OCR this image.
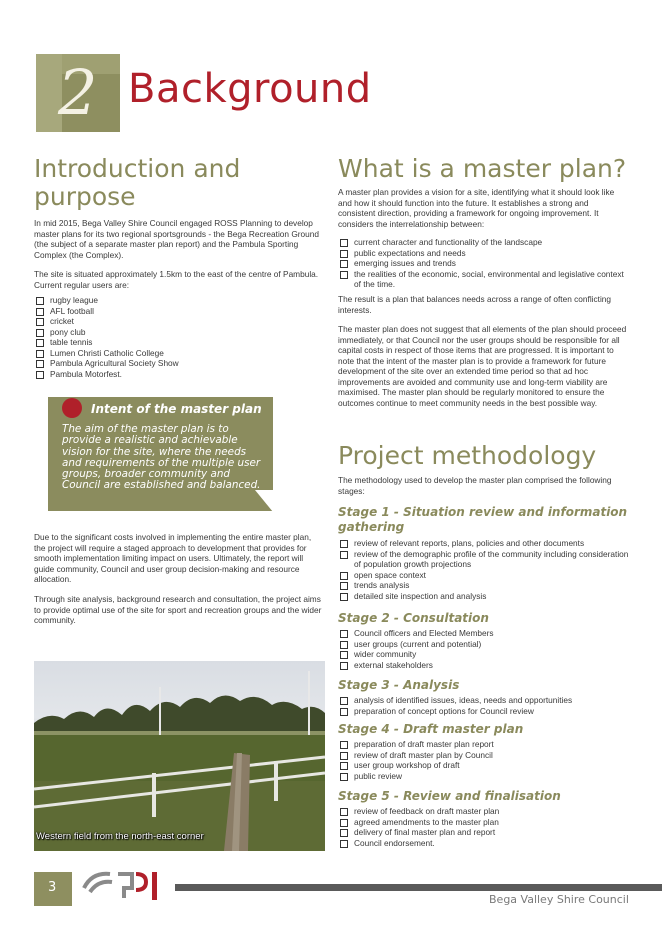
2 Background
Introduction and purpose

In mid 2015, Bega Valley Shire Council engaged ROSS Planning to develop master plans for its two regional sportsgrounds - the Bega Recreation Ground (the subject of a separate master plan report) and the Pambula Sporting Complex (the Complex).

The site is situated approximately 1.5km to the east of the centre of Pambula. Current regular users are:

rugby league
AFL football
cricket
pony club
table tennis
Lumen Christi Catholic College
Pambula Agricultural Society Show
Pambula Motorfest.
Intent of the master plan
The aim of the master plan is to provide a realistic and achievable vision for the site, where the needs and requirements of the multiple user groups, broader community and Council are established and balanced.

Due to the significant costs involved in implementing the entire master plan, the project will require a staged approach to development that provides for smooth implementation limiting impact on users. Ultimately, the report will guide community, Council and user group decision-making and resource allocation.

Through site analysis, background research and consultation, the project aims to provide optimal use of the site for sport and recreation groups and the wider community.

Western field from the north-east corner
What is a master plan?

A master plan provides a vision for a site, identifying what it should look like and how it should function into the future. It establishes a strong and consistent direction, providing a framework for ongoing improvement. It considers the interrelationship between:

current character and functionality of the landscape
public expectations and needs
emerging issues and trends
the realities of the economic, social, environmental and legislative context of the time.

The result is a plan that balances needs across a range of often conflicting interests.

The master plan does not suggest that all elements of the plan should proceed immediately, or that Council nor the user groups should be responsible for all capital costs in respect of those items that are progressed. It is important to note that the intent of the master plan is to provide a framework for future development of the site over an extended time period so that ad hoc improvements are avoided and community use and long-term viability are maximised. The master plan should be regularly monitored to ensure the outcomes continue to meet community needs in the best possible way.

Project methodology

The methodology used to develop the master plan comprised the following stages:

Stage 1 - Situation review and information gathering
review of relevant reports, plans, policies and other documents
review of the demographic profile of the community including consideration of population growth projections
open space context
trends analysis
detailed site inspection and analysis
Stage 2 - Consultation
Council officers and Elected Members
user groups (current and potential)
wider community
external stakeholders
Stage 3 - Analysis
analysis of identified issues, ideas, needs and opportunities
preparation of concept options for Council review
Stage 4 - Draft master plan
preparation of draft master plan report
review of draft master plan by Council
user group workshop of draft
public review
Stage 5 - Review and finalisation
review of feedback on draft master plan
agreed amendments to the master plan
delivery of final master plan and report
Council endorsement.
3
Bega Valley Shire Council
